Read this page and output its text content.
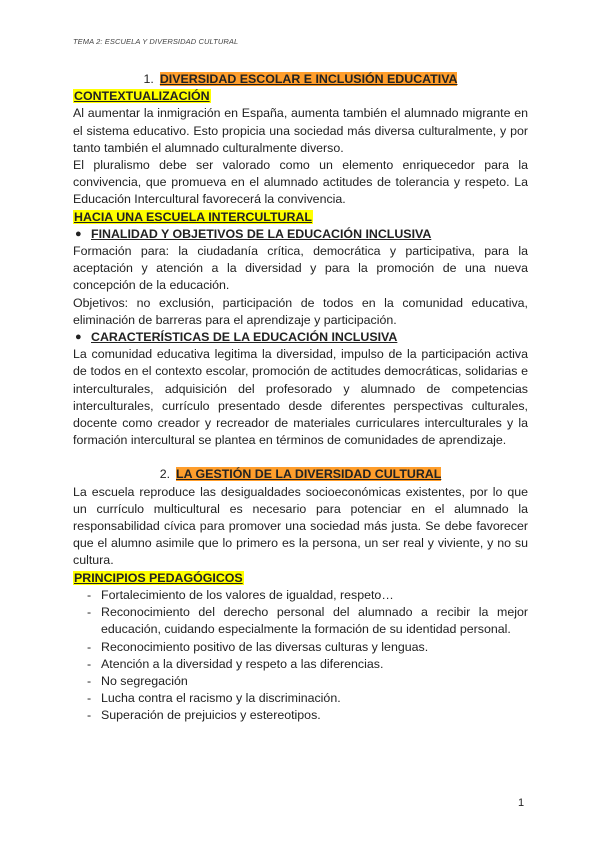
TEMA 2: ESCUELA Y DIVERSIDAD CULTURAL

1. DIVERSIDAD ESCOLAR E INCLUSIÓN EDUCATIVA

CONTEXTUALIZACIÓN

Al aumentar la inmigración en España, aumenta también el alumnado migrante en el sistema educativo. Esto propicia una sociedad más diversa culturalmente, y por tanto también el alumnado culturalmente diverso.

El pluralismo debe ser valorado como un elemento enriquecedor para la convivencia, que promueva en el alumnado actitudes de tolerancia y respeto. La Educación Intercultural favorecerá la convivencia.

HACIA UNA ESCUELA INTERCULTURAL

● FINALIDAD Y OBJETIVOS DE LA EDUCACIÓN INCLUSIVA

Formación para: la ciudadanía crítica, democrática y participativa, para la aceptación y atención a la diversidad y para la promoción de una nueva concepción de la educación.

Objetivos: no exclusión, participación de todos en la comunidad educativa, eliminación de barreras para el aprendizaje y participación.

● CARACTERÍSTICAS DE LA EDUCACIÓN INCLUSIVA

La comunidad educativa legitima la diversidad, impulso de la participación activa de todos en el contexto escolar, promoción de actitudes democráticas, solidarias e interculturales, adquisición del profesorado y alumnado de competencias interculturales, currículo presentado desde diferentes perspectivas culturales, docente como creador y recreador de materiales curriculares interculturales y la formación intercultural se plantea en términos de comunidades de aprendizaje.

2. LA GESTIÓN DE LA DIVERSIDAD CULTURAL

La escuela reproduce las desigualdades socioeconómicas existentes, por lo que un currículo multicultural es necesario para potenciar en el alumnado la responsabilidad cívica para promover una sociedad más justa. Se debe favorecer que el alumno asimile que lo primero es la persona, un ser real y viviente, y no su cultura.

PRINCIPIOS PEDAGÓGICOS

- Fortalecimiento de los valores de igualdad, respeto…
- Reconocimiento del derecho personal del alumnado a recibir la mejor educación, cuidando especialmente la formación de su identidad personal.
- Reconocimiento positivo de las diversas culturas y lenguas.
- Atención a la diversidad y respeto a las diferencias.
- No segregación
- Lucha contra el racismo y la discriminación.
- Superación de prejuicios y estereotipos.
1
